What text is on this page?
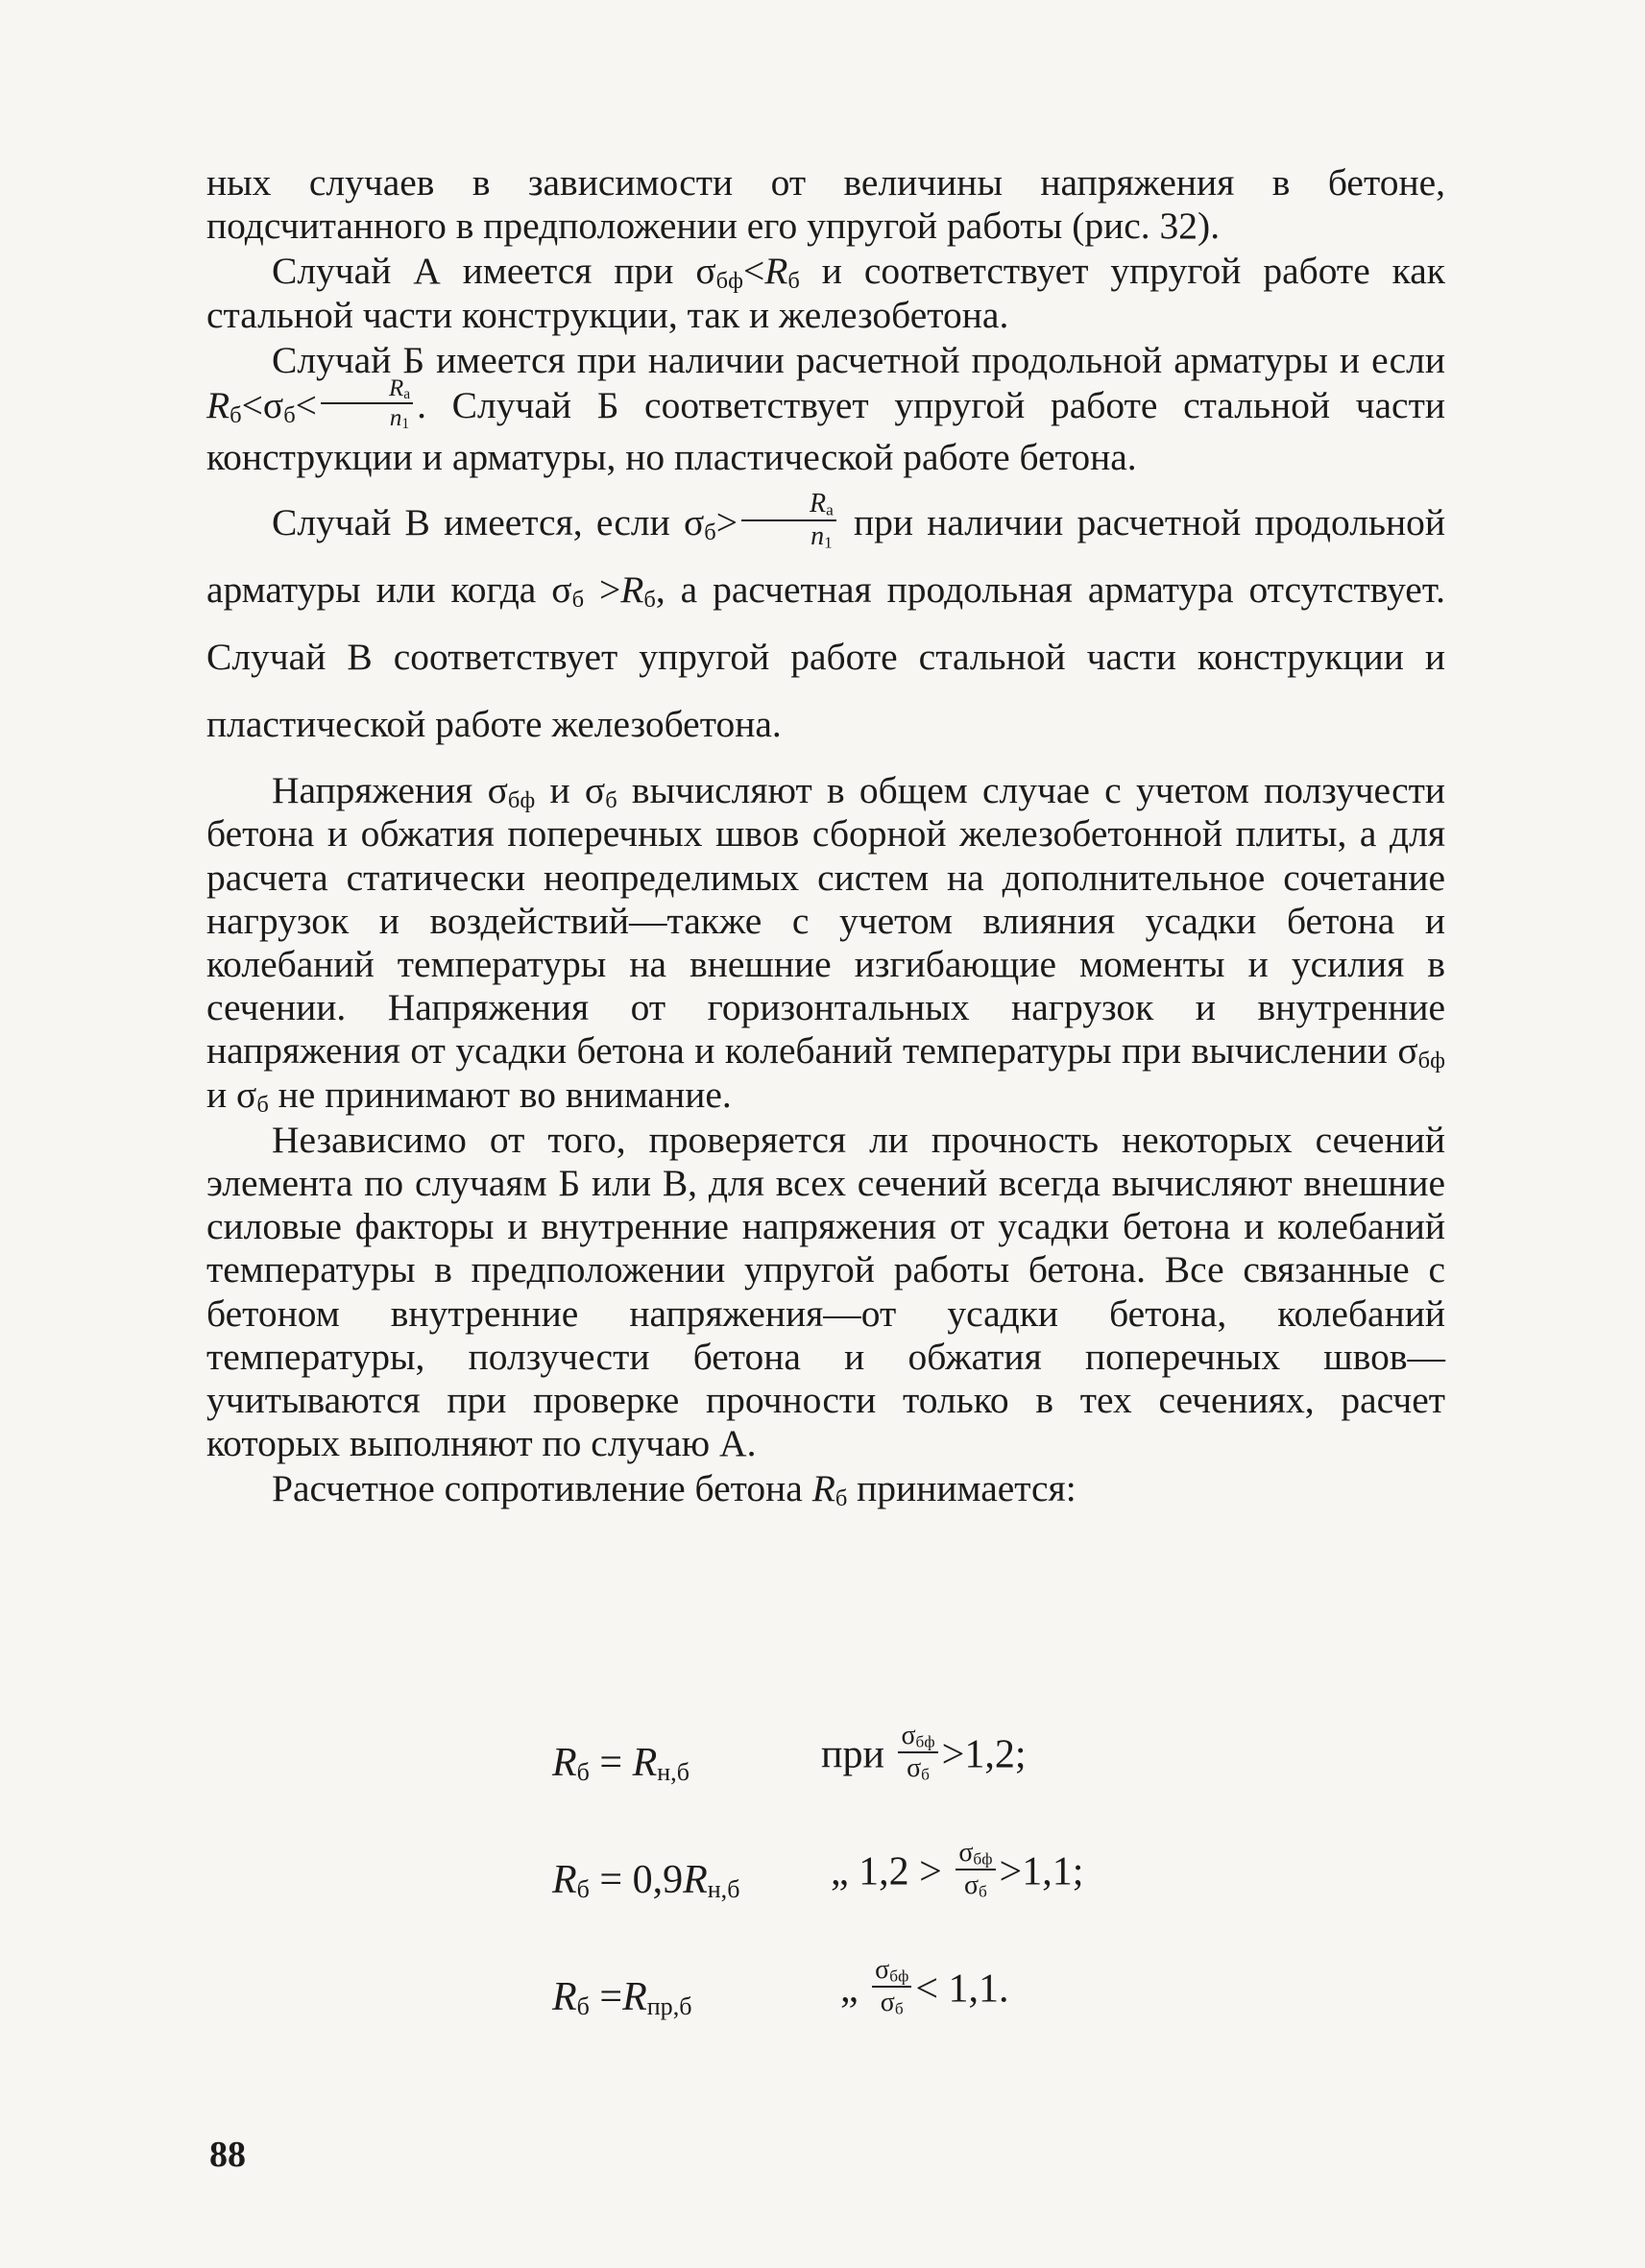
ных случаев в зависимости от величины напряжения в бетоне, подсчитанного в предположении его упругой работы (рис. 32).

Случай А имеется при $\sigma_{бф}<R_б$ и соответствует упругой работе как стальной части конструкции, так и железобетона.

Случай Б имеется при наличии расчетной продольной арматуры и если $R_б<\sigma_б< \frac{R_а}{n_1}$ . Случай Б соответствует упругой работе стальной части конструкции и арматуры, но пластической работе бетона.

Случай В имеется, если $\sigma_б> \frac{R_а}{n_1}$ при наличии расчетной продольной арматуры или когда $\sigma_б >R_б$, а расчетная продольная арматура отсутствует. Случай В соответствует упругой работе стальной части конструкции и пластической работе железобетона.

Напряжения $\sigma_{бф}$ и $\sigma_б$ вычисляют в общем случае с учетом ползучести бетона и обжатия поперечных швов сборной железобетонной плиты, а для расчета статически неопределимых систем на дополнительное сочетание нагрузок и воздействий—также с учетом влияния усадки бетона и колебаний температуры на внешние изгибающие моменты и усилия в сечении. Напряжения от горизонтальных нагрузок и внутренние напряжения от усадки бетона и колебаний температуры при вычислении $\sigma_{бф}$ и $\sigma_б$ не принимают во внимание.

Независимо от того, проверяется ли прочность некоторых сечений элемента по случаям Б или В, для всех сечений всегда вычисляют внешние силовые факторы и внутренние напряжения от усадки бетона и колебаний температуры в предположении упругой работы бетона. Все связанные с бетоном внутренние напряжения—от усадки бетона, колебаний температуры, ползучести бетона и обжатия поперечных швов—учитываются при проверке прочности только в тех сечениях, расчет которых выполняют по случаю А.

Расчетное сопротивление бетона $R_б$ принимается:

$R_б = R_{н,б}$	при $\frac{\sigma_{бф}}{\sigma_б} >1,2$;
$R_б = 0,9R_{н,б}$ „ $1,2 > \frac{\sigma_{бф}}{\sigma_б} >1,1$;
$R_б =R_{пр,б}$	„ $\frac{\sigma_{бф}}{\sigma_б} < 1,1$.
88
